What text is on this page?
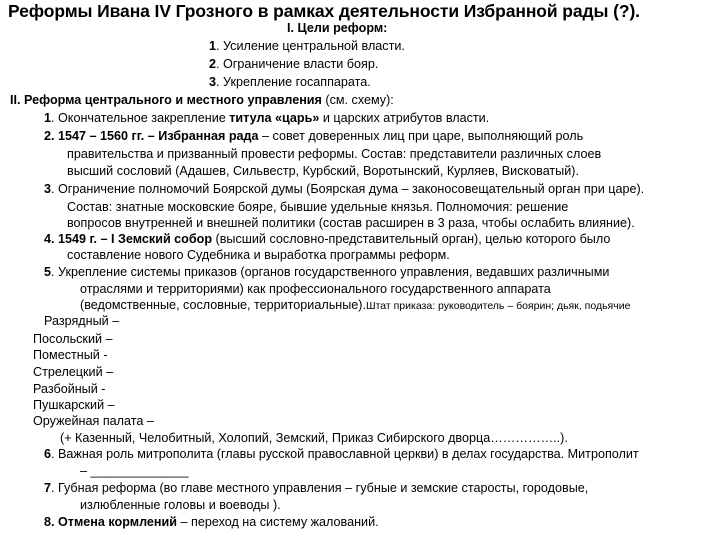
Реформы Ивана IV Грозного в рамках деятельности Избранной рады (?).
I. Цели реформ:
1. Усиление центральной власти.
2. Ограничение власти бояр.
3. Укрепление госаппарата.
II. Реформа центрального и местного управления (см. схему):
1. Окончательное закрепление титула «царь» и царских атрибутов власти.
2. 1547 – 1560 гг. – Избранная рада – совет доверенных лиц при царе, выполняющий роль
правительства и призванный провести реформы. Состав: представители различных слоев
высший сословий (Адашев, Сильвестр, Курбский, Воротынский, Курляев, Висковатый).
3. Ограничение полномочий Боярской думы (Боярская дума – законосовещательный орган при царе).
Состав: знатные московские бояре, бывшие удельные князья. Полномочия: решение
вопросов внутренней и внешней политики (состав расширен в 3 раза, чтобы ослабить влияние).
4. 1549 г. – I Земский собор (высший сословно-представительный орган), целью которого было
составление нового Судебника и выработка программы реформ.
5. Укрепление системы приказов (органов государственного управления, ведавших различными
отраслями и территориями) как профессионального государственного аппарата
(ведомственные, сословные, территориальные).Штат приказа: руководитель – боярин; дьяк, подьячие
Разрядный –
Посольский –
Поместный -
Стрелецкий –
Разбойный -
Пушкарский –
Оружейная палата –
(+ Казенный, Челобитный, Холопий, Земский, Приказ Сибирского дворца……………..).
6. Важная роль митрополита (главы русской православной церкви) в делах государства. Митрополит
– ______________
7. Губная реформа (во главе местного управления – губные и земские старосты, городовые,
излюбленные головы и воеводы ).
8. Отмена кормлений – переход на систему жалований.
